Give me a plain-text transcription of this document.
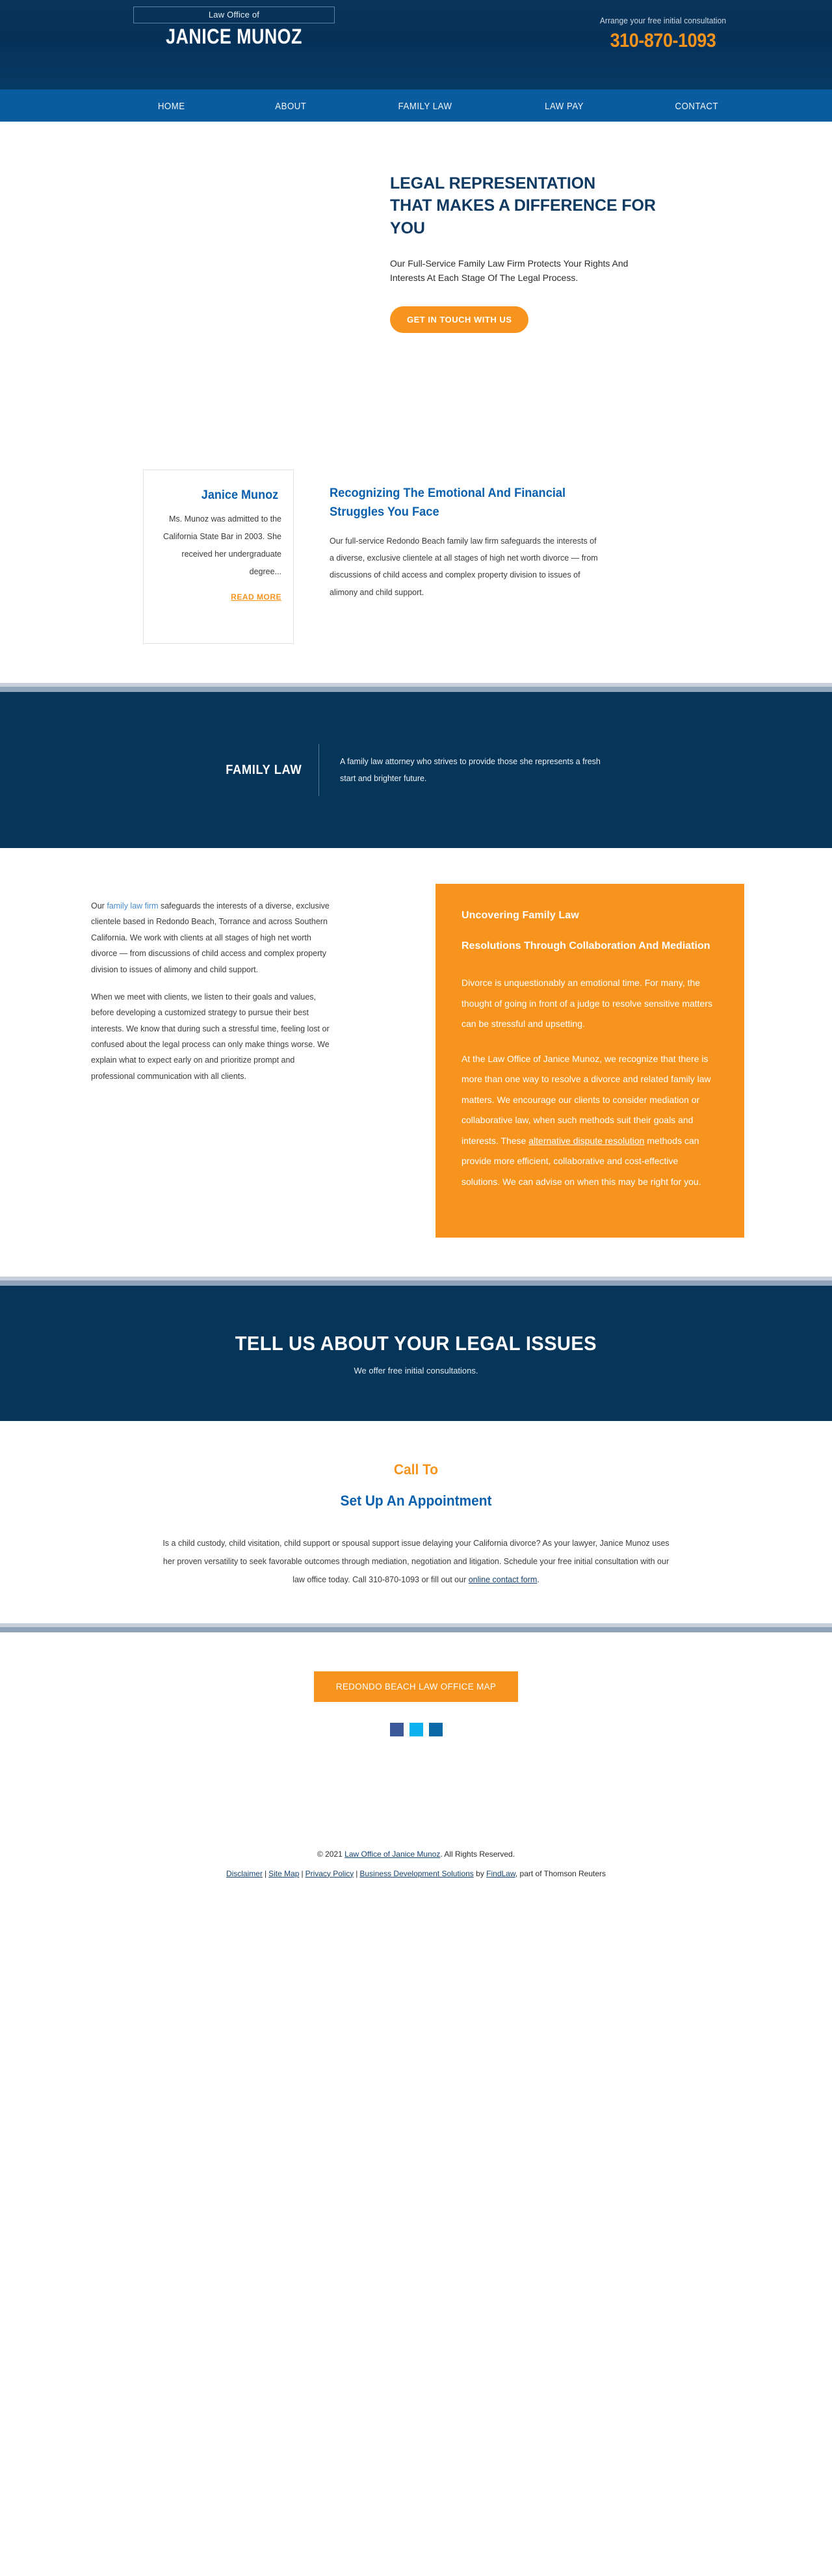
Law Office of
JANICE MUNOZ
Arrange your free initial consultation
310-870-1093
HOME	ABOUT	FAMILY LAW	LAW PAY	CONTACT
LEGAL REPRESENTATION
THAT MAKES A DIFFERENCE FOR
YOU

Our Full-Service Family Law Firm Protects Your Rights And Interests At Each Stage Of The Legal Process.

GET IN TOUCH WITH US
Janice Munoz
Ms. Munoz was admitted to the California State Bar in 2003. She received her undergraduate degree...
READ MORE
Recognizing The Emotional And Financial Struggles You Face

Our full-service Redondo Beach family law firm safeguards the interests of a diverse, exclusive clientele at all stages of high net worth divorce — from discussions of child access and complex property division to issues of alimony and child support.

FAMILY LAW
A family law attorney who strives to provide those she represents a fresh start and brighter future.

Our family law firm safeguards the interests of a diverse, exclusive clientele based in Redondo Beach, Torrance and across Southern California. We work with clients at all stages of high net worth divorce — from discussions of child access and complex property division to issues of alimony and child support.

When we meet with clients, we listen to their goals and values, before developing a customized strategy to pursue their best interests. We know that during such a stressful time, feeling lost or confused about the legal process can only make things worse. We explain what to expect early on and prioritize prompt and professional communication with all clients.

Uncovering Family Law
Resolutions Through Collaboration And Mediation

Divorce is unquestionably an emotional time. For many, the thought of going in front of a judge to resolve sensitive matters can be stressful and upsetting.

At the Law Office of Janice Munoz, we recognize that there is more than one way to resolve a divorce and related family law matters. We encourage our clients to consider mediation or collaborative law, when such methods suit their goals and interests. These alternative dispute resolution methods can provide more efficient, collaborative and cost-effective solutions. We can advise on when this may be right for you.

TELL US ABOUT YOUR LEGAL ISSUES

We offer free initial consultations.

Call To
Set Up An Appointment

Is a child custody, child visitation, child support or spousal support issue delaying your California divorce? As your lawyer, Janice Munoz uses her proven versatility to seek favorable outcomes through mediation, negotiation and litigation. Schedule your free initial consultation with our law office today. Call 310-870-1093 or fill out our online contact form.

REDONDO BEACH LAW OFFICE MAP
© 2021 Law Office of Janice Munoz. All Rights Reserved.
Disclaimer | Site Map | Privacy Policy | Business Development Solutions by FindLaw, part of Thomson Reuters
